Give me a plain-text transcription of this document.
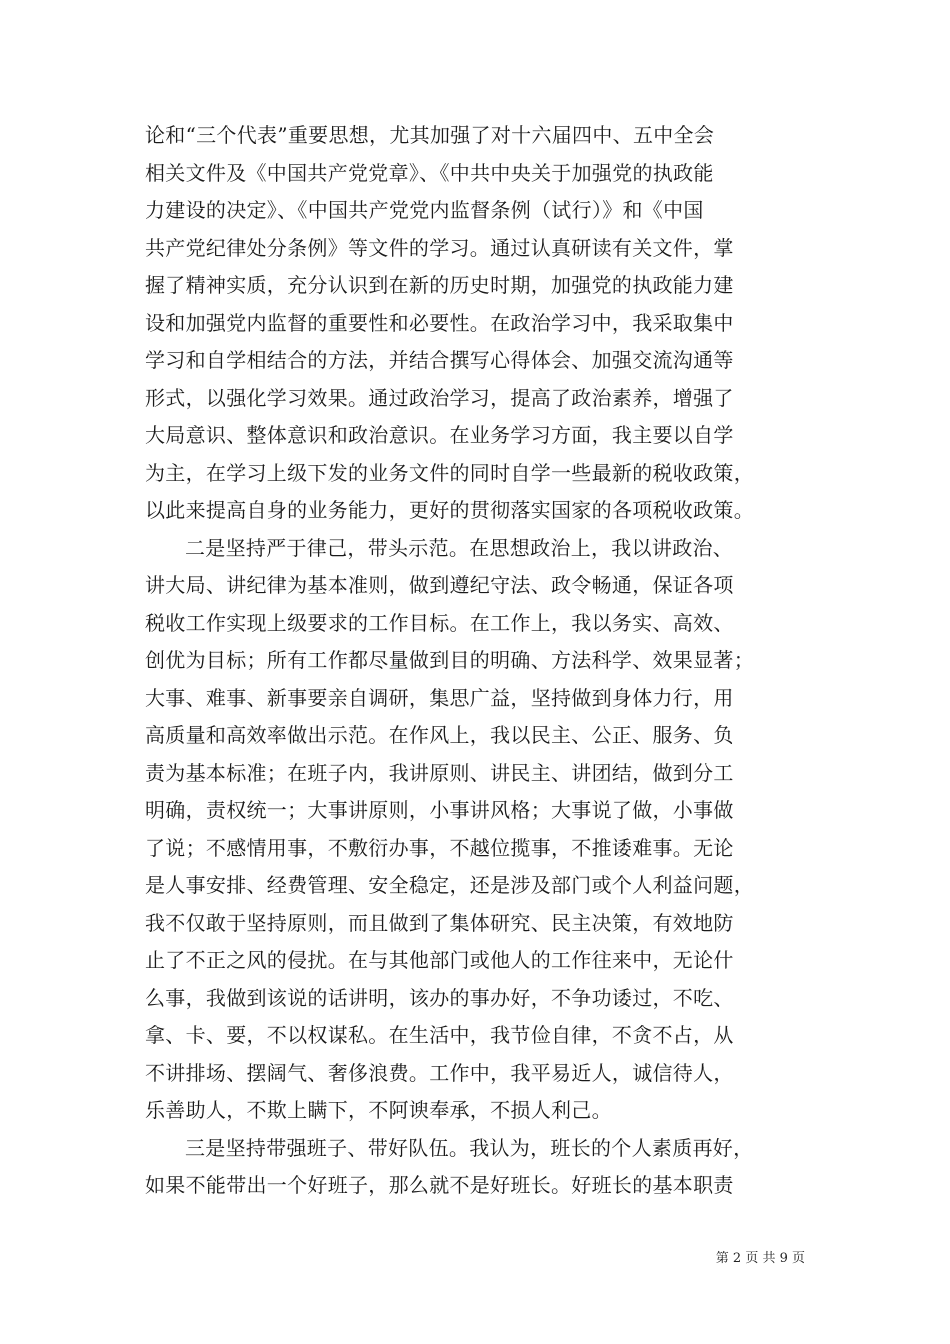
论和“三个代表”重要思想，尤其加强了对十六届四中、五中全会
相关文件及《中国共产党党章》、《中共中央关于加强党的执政能
力建设的决定》、《中国共产党党内监督条例（试行）》和《中国
共产党纪律处分条例》等文件的学习。通过认真研读有关文件，掌
握了精神实质，充分认识到在新的历史时期，加强党的执政能力建
设和加强党内监督的重要性和必要性。在政治学习中，我采取集中
学习和自学相结合的方法，并结合撰写心得体会、加强交流沟通等
形式，以强化学习效果。通过政治学习，提高了政治素养，增强了
大局意识、整体意识和政治意识。在业务学习方面，我主要以自学
为主，在学习上级下发的业务文件的同时自学一些最新的税收政策，
以此来提高自身的业务能力，更好的贯彻落实国家的各项税收政策。
二是坚持严于律己，带头示范。在思想政治上，我以讲政治、
讲大局、讲纪律为基本准则，做到遵纪守法、政令畅通，保证各项
税收工作实现上级要求的工作目标。在工作上，我以务实、高效、
创优为目标；所有工作都尽量做到目的明确、方法科学、效果显著；
大事、难事、新事要亲自调研，集思广益，坚持做到身体力行，用
高质量和高效率做出示范。在作风上，我以民主、公正、服务、负
责为基本标准；在班子内，我讲原则、讲民主、讲团结，做到分工
明确，责权统一；大事讲原则，小事讲风格；大事说了做，小事做
了说；不感情用事，不敷衍办事，不越位揽事，不推诿难事。无论
是人事安排、经费管理、安全稳定，还是涉及部门或个人利益问题，
我不仅敢于坚持原则，而且做到了集体研究、民主决策，有效地防
止了不正之风的侵扰。在与其他部门或他人的工作往来中，无论什
么事，我做到该说的话讲明，该办的事办好，不争功诿过，不吃、
拿、卡、要，不以权谋私。在生活中，我节俭自律，不贪不占，从
不讲排场、摆阔气、奢侈浪费。工作中，我平易近人，诚信待人，
乐善助人，不欺上瞒下，不阿谀奉承，不损人利己。
三是坚持带强班子、带好队伍。我认为，班长的个人素质再好，
如果不能带出一个好班子，那么就不是好班长。好班长的基本职责
第 2 页 共 9 页
